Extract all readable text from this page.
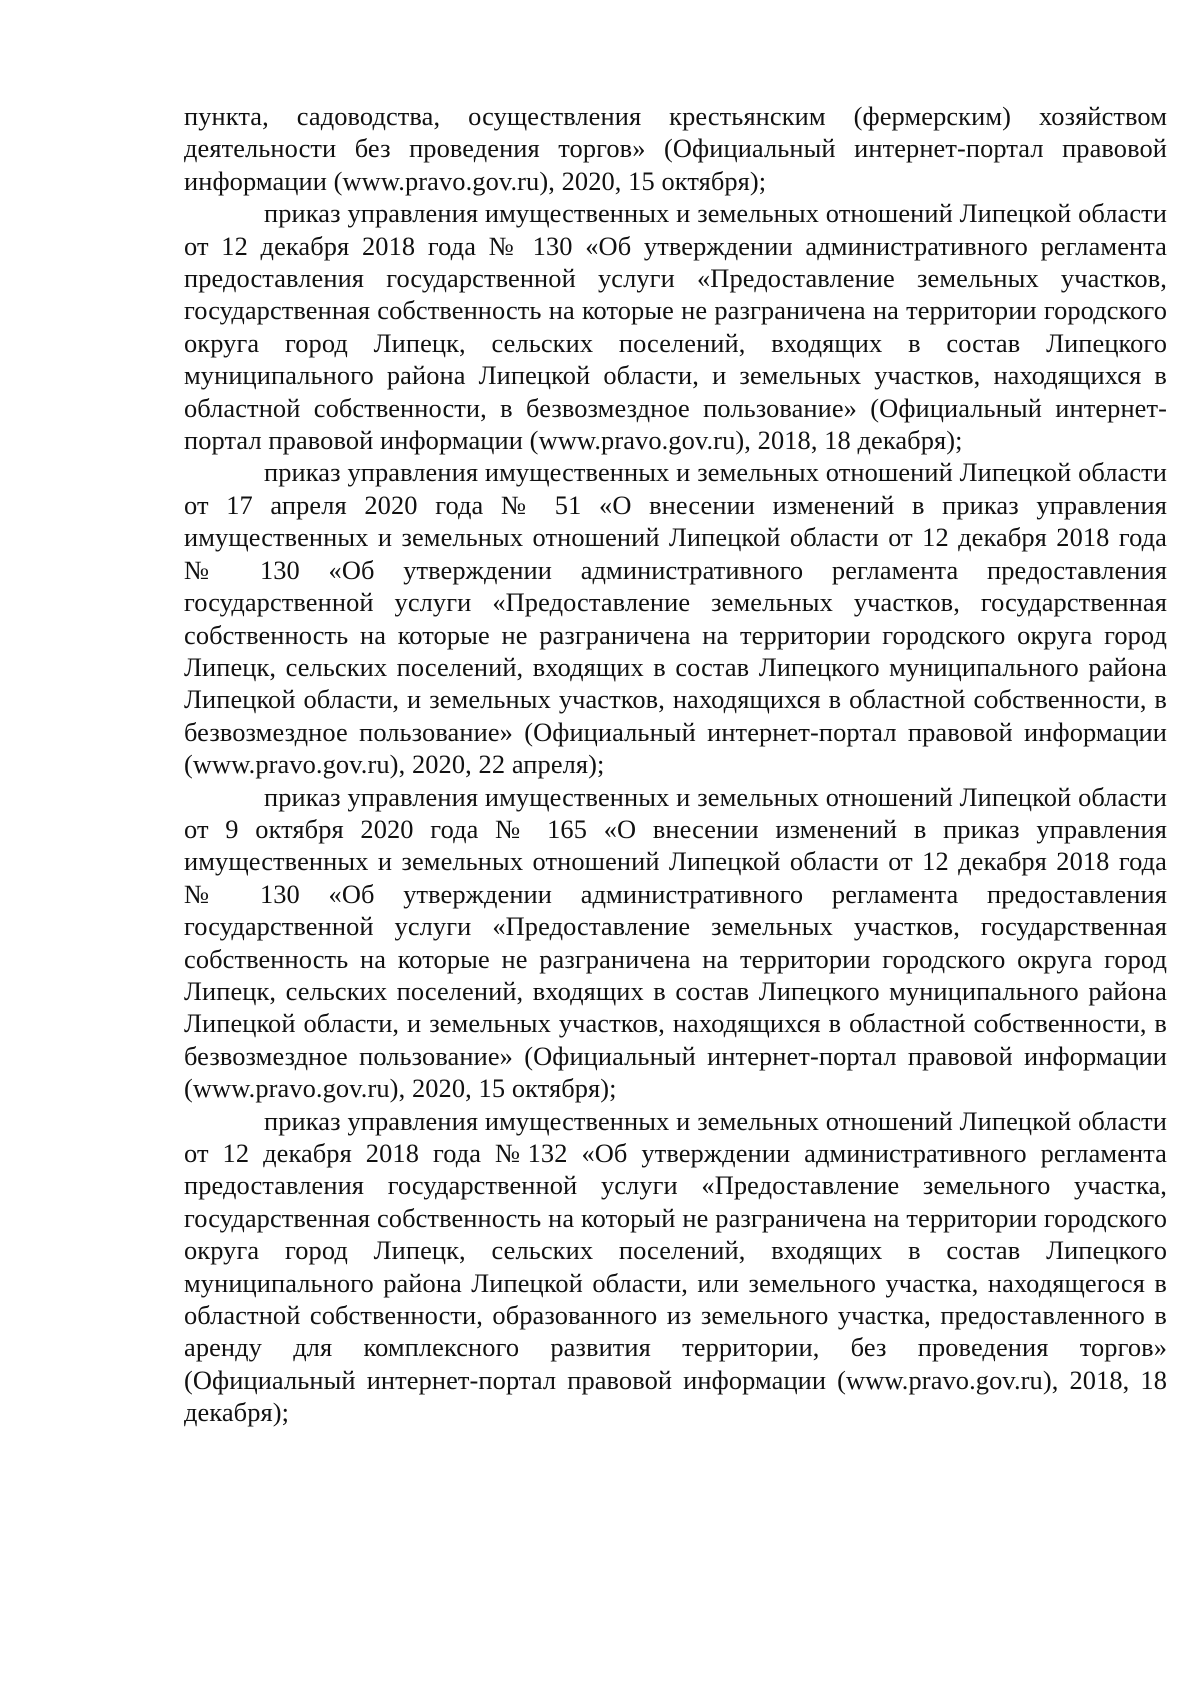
пункта, садоводства, осуществления крестьянским (фермерским) хозяйством деятельности без проведения торгов» (Официальный интернет-портал правовой информации (www.pravo.gov.ru), 2020, 15 октября);

приказ управления имущественных и земельных отношений Липецкой области от 12 декабря 2018 года № 130 «Об утверждении административного регламента предоставления государственной услуги «Предоставление земельных участков, государственная собственность на которые не разграничена на территории городского округа город Липецк, сельских поселений, входящих в состав Липецкого муниципального района Липецкой области, и земельных участков, находящихся в областной собственности, в безвозмездное пользование» (Официальный интернет-портал правовой информации (www.pravo.gov.ru), 2018, 18 декабря);

приказ управления имущественных и земельных отношений Липецкой области от 17 апреля 2020 года № 51 «О внесении изменений в приказ управления имущественных и земельных отношений Липецкой области от 12 декабря 2018 года № 130 «Об утверждении административного регламента предоставления государственной услуги «Предоставление земельных участков, государственная собственность на которые не разграничена на территории городского округа город Липецк, сельских поселений, входящих в состав Липецкого муниципального района Липецкой области, и земельных участков, находящихся в областной собственности, в безвозмездное пользование» (Официальный интернет-портал правовой информации (www.pravo.gov.ru), 2020, 22 апреля);

приказ управления имущественных и земельных отношений Липецкой области от 9 октября 2020 года № 165 «О внесении изменений в приказ управления имущественных и земельных отношений Липецкой области от 12 декабря 2018 года № 130 «Об утверждении административного регламента предоставления государственной услуги «Предоставление земельных участков, государственная собственность на которые не разграничена на территории городского округа город Липецк, сельских поселений, входящих в состав Липецкого муниципального района Липецкой области, и земельных участков, находящихся в областной собственности, в безвозмездное пользование» (Официальный интернет-портал правовой информации (www.pravo.gov.ru), 2020, 15 октября);

приказ управления имущественных и земельных отношений Липецкой области от 12 декабря 2018 года №132 «Об утверждении административного регламента предоставления государственной услуги «Предоставление земельного участка, государственная собственность на который не разграничена на территории городского округа город Липецк, сельских поселений, входящих в состав Липецкого муниципального района Липецкой области, или земельного участка, находящегося в областной собственности, образованного из земельного участка, предоставленного в аренду для комплексного развития территории, без проведения торгов» (Официальный интернет-портал правовой информации (www.pravo.gov.ru), 2018, 18 декабря);
